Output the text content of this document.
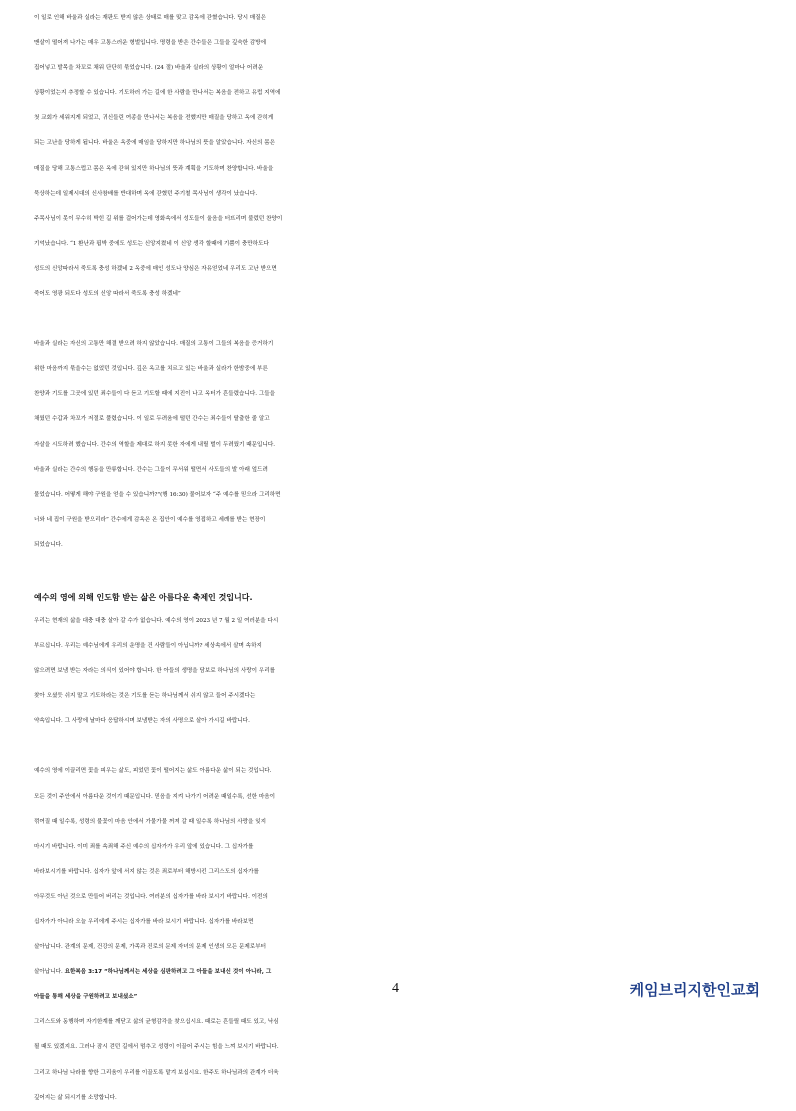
이 일로 인해 바울과 실라는 재판도 받지 않은 상태로 매를 맞고 감옥에 갇혔습니다. 당시 매질은

맨살이 떨어져 나가는 매우 고통스러운 형벌입니다. 명령을 받은 간수들은 그들을 깊숙한 감방에

집어넣고 발목을 차꼬로 채워 단단히 묶었습니다. (24 절) 바울과 실라의 상황이 얼마나 어려운

상황이었는지 추정할 수 있습니다. 기도하러 가는 길에 한 사람을 만나서는 복음을 전하고 유럽 지역에

첫 교회가 세워지게 되었고, 귀신들린 여종을 만나서는 복음을 전했지만 매질을 당하고 옥에 갇히게

되는 고난을 당하게 됩니다. 바울은 옥중에 매임을 당하지만 하나님의 뜻을 알았습니다. 자신의 몸은

매질을 당해 고통스럽고 몸은 옥에 갇혀 있지만 하나님의 뜻과 계획을 기도하며 찬양합니다. 바울을

묵상하는데 일제시대의 신사참배를 반대하며 옥에 갇혔던 주기철 목사님이 생각이 났습니다.

주목사님이 못이 무수히 박힌 길 위를 걸어가는데 영화속에서 성도들이 울음을 터뜨리며 불렀던 찬양이

기억났습니다. “1 환난과 핍박 중에도 성도는 신앙지켰네 이 신앙 생각 할때에 기쁨이 충만하도다

성도의 신앙따라서 죽도록 충성 하겠네 2 옥중에 매인 성도나 양심은 자유얻었네 우리도 고난 받으면

죽어도 영광 되도다 성도의 신앙 따라서 죽도록 충성 하겠네”

바울과 실라는 자신의 고통만 해결 받으려 하지 않았습니다. 매질의 고통이 그들의 복음을 증거하기

위한 마음까지 묶을수는 없었던 것입니다. 깊은 옥고를 치르고 있는 바울과 실라가 한밤중에 부른

찬양과 기도를 그곳에 있던 죄수들이 다 듣고 기도할 때에 지진이 나고 옥터가 흔들렸습니다. 그들을

채웠던 수갑과 차꼬가 저절로 풀렸습니다. 이 일로 두려움에 떨던 간수는 죄수들이 탈출한 줄 알고

자살을 시도하려 했습니다. 간수의 역할을 제대로 하지 못한 자에게 내릴 벌이 두려웠기 때문입니다.

바울과 실라는 간수의 행동을 만류합니다. 간수는 그들이 무서워 떨면서 사도들의 발 아래 엎드려

물었습니다. 어떻게 해야 구원을 얻을 수 있습니까?"(행 16:30) 물어보자 “주 예수를 믿으라 그리하면

너와 네 집이 구원을 받으리라” 간수에게 감옥은 온 집안이 예수를 영접하고 세례를 받는 현장이

되었습니다.

예수의 영에 의해 인도함 받는 삶은 아름다운 축제인 것입니다.

우리는 현재의 삶을 대충 대충 살아 갈 수가 없습니다. 예수의 영이 2023 년 7 월 2 일 여러분을 다시

부르십니다. 우리는 예수님에게 우리의 운명을 건 사람들이 아닙니까? 세상속에서 살며 속하지

않으려면 보냄 받는 자라는 의식이 있어야 합니다. 한 아들의 생명을 담보로 하나님의 사랑이 우리를

찾아 오셨듯 쉬지 말고 기도하라는 것은 기도를 듣는 하나님께서 쉬지 않고 들어 주시겠다는

약속입니다. 그 사랑에 날마다 응답하시며 보냄받는 자의 사명으로 살아 가시길 바랍니다.

예수의 영에 이끌리면 꽃을 피우는 삶도, 피었던 꽃이 떨어지는 삶도 아름다운 삶이 되는 것입니다.

모든 것이 주안에서 아름다운 것이기 때문입니다. 믿음을 지켜 나가기 어려운 때일수록, 선한 마음이

꺾여질 때 일수록, 성령의 불꽃이 마음 안에서 가물가물 꺼져 갈 때 일수록 하나님의 사랑을 잊지

마시기 바랍니다. 이미 죄를 속죄해 주신 예수의 십자가가 우리 앞에 있습니다. 그 십자가를

바라보시기를 바랍니다. 십자가 앞에 서지 않는 것은 죄로부터 해방시킨 그리스도의 십자가를

아무것도 아닌 것으로 만들어 버리는 것입니다. 여러분의 십자가를 바라 보시기 바랍니다. 이전의

십자가가 아니라 오늘 우리에게 주시는 십자가를 바라 보시기 바랍니다. 십자가를 바라보면

살아납니다. 관계의 문제, 건강의 문제, 가족과 진로의 문제 자녀의 문제 인생의 모든 문제로부터

살아납니다. 요한복음 3:17 “하나님께서는 세상을 심판하려고 그 아들을 보내신 것이 아니라, 그

아들을 통해 세상을 구원하려고 보내셨소”

그리스도와 동행하며 자기한계를 깨닫고 삶의 균형감각을 찾으십시요. 때로는 흔들릴 때도 있고, 낙심

될 때도 있겠지요. 그러나 잠시 걷던 길에서 멈추고 성령이 이끌어 주시는 힘을 느껴 보시기 바랍니다.

그리고 하나님 나라를 향한 그리움이 우리를 이끌도록 맡겨 보십시요. 한주도 하나님과의 관계가 더욱

깊어지는 삶 되시기를 소망합니다.

4	케임브리지한인교회
